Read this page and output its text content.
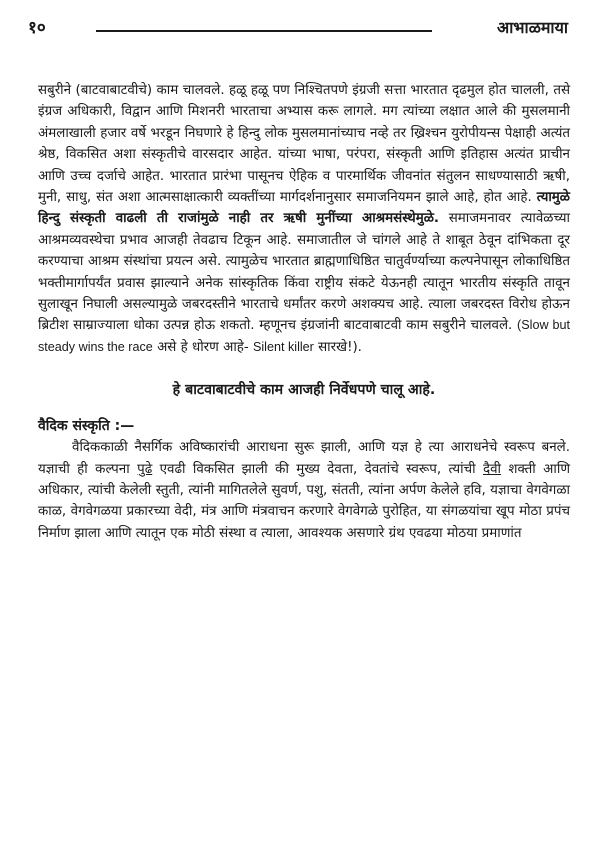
१०	आभाळमाया

सबुरीने (बाटवाबाटवीचे) काम चालवले. हळू हळू पण निश्चितपणे इंग्रजी सत्ता भारतात दृढमुल होत चालली, तसे इंग्रज अधिकारी, विद्वान आणि मिशनरी भारताचा अभ्यास करू लागले. मग त्यांच्या लक्षात आले की मुसलमानी अंमलाखाली हजार वर्षे भरडून निघणारे हे हिन्दु लोक मुसलमानांच्याच नव्हे तर ख्रिश्चन युरोपीयन्स पेक्षाही अत्यंत श्रेष्ठ, विकसित अशा संस्कृतीचे वारसदार आहेत. यांच्या भाषा, परंपरा, संस्कृती आणि इतिहास अत्यंत प्राचीन आणि उच्च दर्जाचे आहेत. भारतात प्रारंभा पासूनच ऐहिक व पारमार्थिक जीवनांत संतुलन साधण्यासाठी ऋषी, मुनी, साधु, संत अशा आत्मसाक्षात्कारी व्यक्तींच्या मार्गदर्शनानुसार समाजनियमन झाले आहे, होत आहे. त्यामुळे हिन्दु संस्कृती वाढली ती राजांमुळे नाही तर ऋषी मुनींच्या आश्रमसंस्थेमुळे. समाजमनावर त्यावेळच्या आश्रमव्यवस्थेचा प्रभाव आजही तेवढाच टिकून आहे. समाजातील जे चांगले आहे ते शाबूत ठेवून दांभिकता दूर करण्याचा आश्रम संस्थांचा प्रयत्न असे. त्यामुळेच भारतात ब्राह्मणाधिष्ठित चातुर्वर्ण्याच्या कल्पनेपासून लोकाधिष्ठित भक्तीमार्गापर्यंत प्रवास झाल्याने अनेक सांस्कृतिक किंवा राष्ट्रीय संकटे येऊनही त्यातून भारतीय संस्कृति तावून सुलाखून निघाली असल्यामुळे जबरदस्तीने भारताचे धर्मांतर करणे अशक्यच आहे. त्याला जबरदस्त विरोध होऊन ब्रिटीश साम्राज्याला धोका उत्पन्न होऊ शकतो. म्हणूनच इंग्रजांनी बाटवाबाटवी काम सबुरीने चालवले. (Slow but steady wins the race असे हे धोरण आहे- Silent killer सारखे!).

हे बाटवाबाटवीचे काम आजही निर्वेधपणे चालू आहे.

वैदिक संस्कृति :—

वैदिककाळी नैसर्गिक अविष्कारांची आराधना सुरू झाली, आणि यज्ञ हे त्या आराधनेचे स्वरूप बनले. यज्ञाची ही कल्पना पुढे एवढी विकसित झाली की मुख्य देवता, देवतांचे स्वरूप, त्यांची दैवी शक्ती आणि अधिकार, त्यांची केलेली स्तुती, त्यांनी मागितलेले सुवर्ण, पशु, संतती, त्यांना अर्पण केलेले हवि, यज्ञाचा वेगवेगळा काळ, वेगवेगळया प्रकारच्या वेदी, मंत्र आणि मंत्रवाचन करणारे वेगवेगळे पुरोहित, या संगळयांचा खूप मोठा प्रपंच निर्माण झाला आणि त्यातून एक मोठी संस्था व त्याला, आवश्यक असणारे ग्रंथ एवढया मोठया प्रमाणांत
